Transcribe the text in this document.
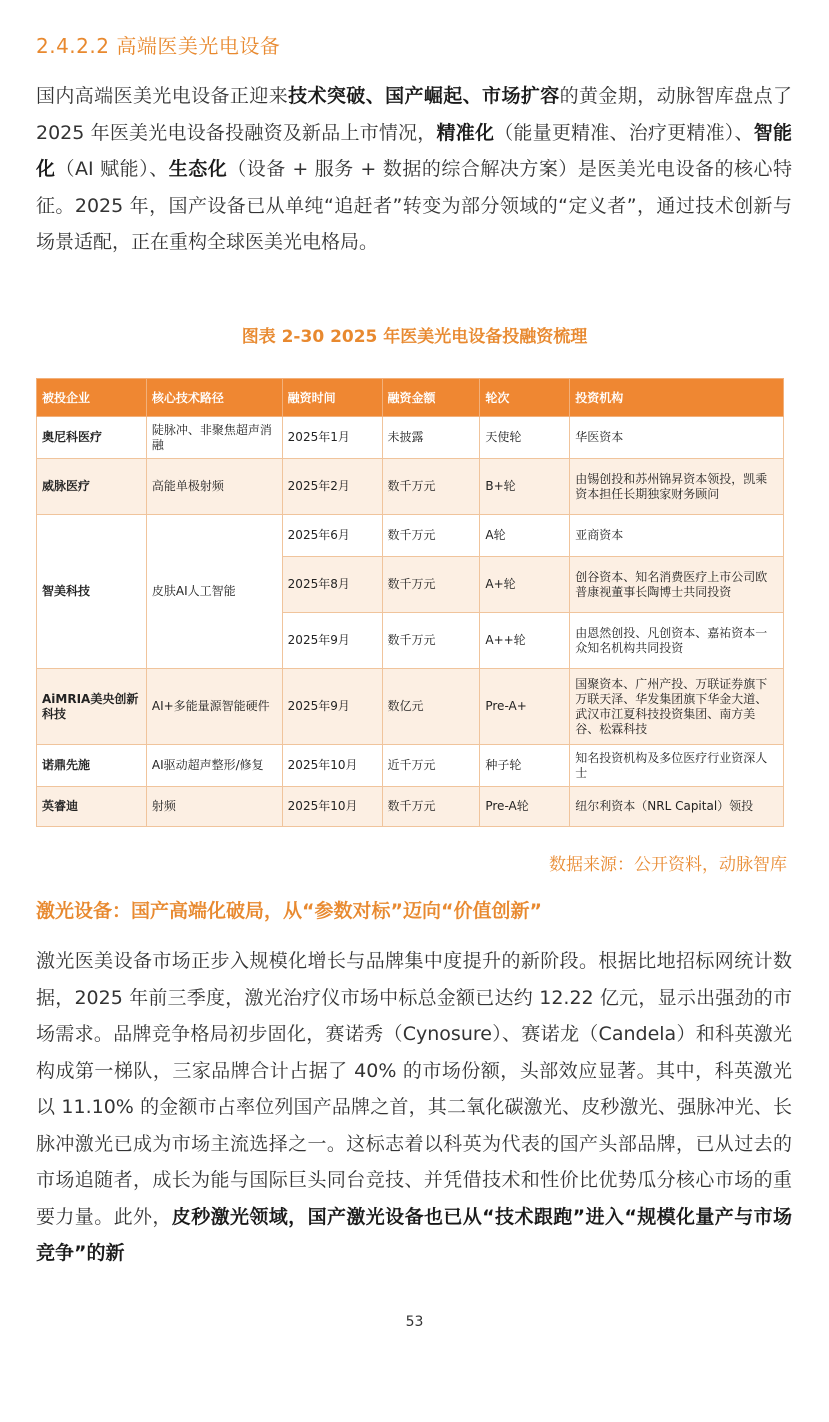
2.4.2.2 高端医美光电设备
国内高端医美光电设备正迎来技术突破、国产崛起、市场扩容的黄金期，动脉智库盘点了 2025 年医美光电设备投融资及新品上市情况，精准化（能量更精准、治疗更精准）、智能化（AI 赋能）、生态化（设备 + 服务 + 数据的综合解决方案）是医美光电设备的核心特征。2025 年，国产设备已从单纯“追赶者”转变为部分领域的“定义者”，通过技术创新与场景适配，正在重构全球医美光电格局。
图表 2-30 2025 年医美光电设备投融资梳理
被投企业	核心技术路径	融资时间	融资金额	轮次	投资机构
奥尼科医疗	陡脉冲、非聚焦超声消融	2025年1月	未披露	天使轮	华医资本
威脉医疗	高能单极射频	2025年2月	数千万元	B+轮	由锡创投和苏州锦昇资本领投，凯乘资本担任长期独家财务顾问
智美科技	皮肤AI人工智能	2025年6月	数千万元	A轮	亚商资本
		2025年8月	数千万元	A+轮	创谷资本、知名消费医疗上市公司欧普康视董事长陶博士共同投资
		2025年9月	数千万元	A++轮	由恩然创投、凡创资本、嘉祐资本一众知名机构共同投资
AiMRIA美央创新科技	AI+多能量源智能硬件	2025年9月	数亿元	Pre-A+	国聚资本、广州产投、万联证券旗下万联天泽、华发集团旗下华金大道、武汉市江夏科技投资集团、南方美谷、松霖科技
诺鼎先施	AI驱动超声整形/修复	2025年10月	近千万元	种子轮	知名投资机构及多位医疗行业资深人士
英睿迪	射频	2025年10月	数千万元	Pre-A轮	纽尔利资本（NRL Capital）领投
数据来源：公开资料，动脉智库
激光设备：国产高端化破局，从“参数对标”迈向“价值创新”
激光医美设备市场正步入规模化增长与品牌集中度提升的新阶段。根据比地招标网统计数据，2025 年前三季度，激光治疗仪市场中标总金额已达约 12.22 亿元，显示出强劲的市场需求。品牌竞争格局初步固化，赛诺秀（Cynosure）、赛诺龙（Candela）和科英激光构成第一梯队，三家品牌合计占据了 40% 的市场份额，头部效应显著。其中，科英激光以 11.10% 的金额市占率位列国产品牌之首，其二氧化碳激光、皮秒激光、强脉冲光、长脉冲激光已成为市场主流选择之一。这标志着以科英为代表的国产头部品牌，已从过去的市场追随者，成长为能与国际巨头同台竞技、并凭借技术和性价比优势瓜分核心市场的重要力量。此外，皮秒激光领域，国产激光设备也已从“技术跟跑”进入“规模化量产与市场竞争”的新
53
